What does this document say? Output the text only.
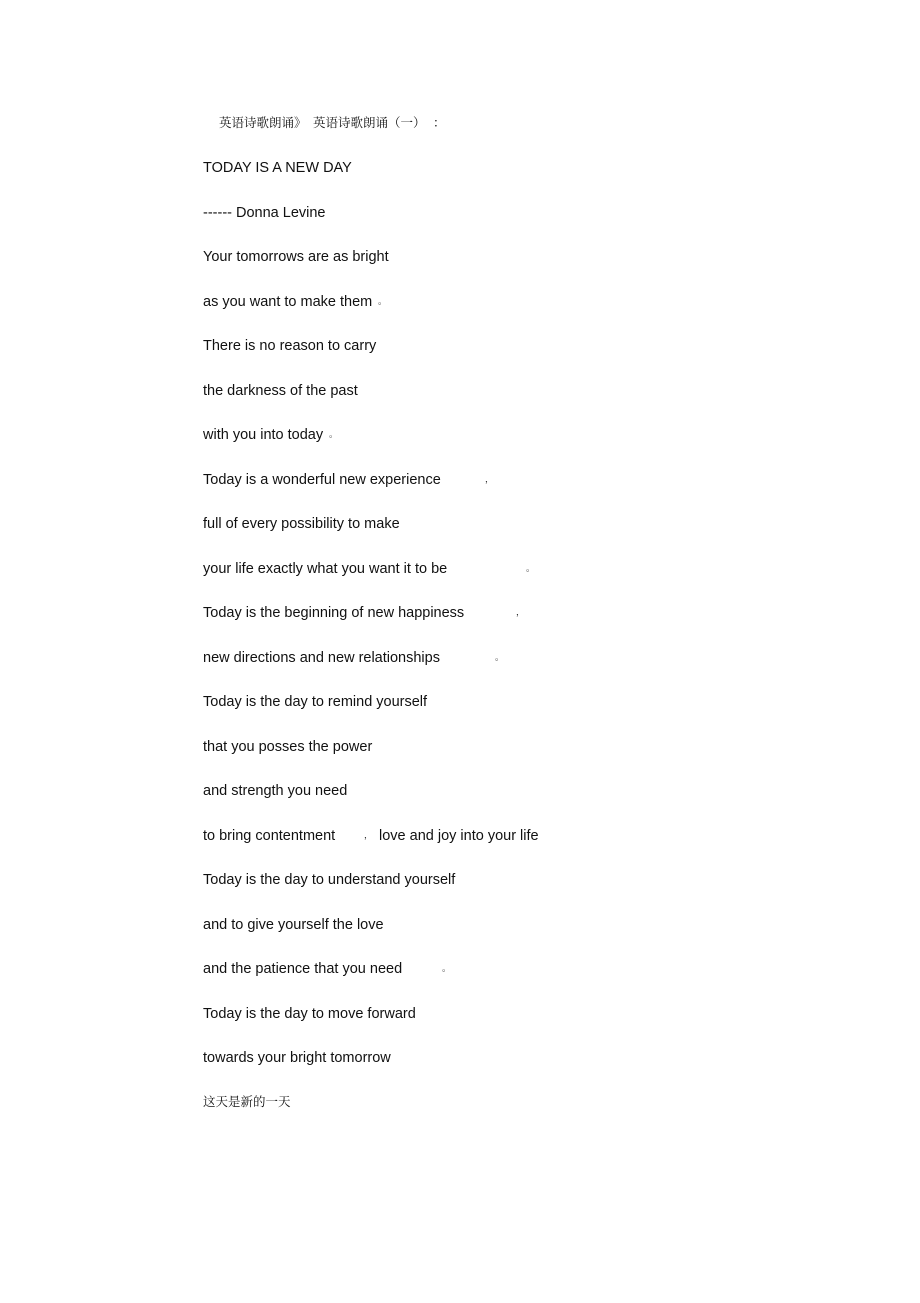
英语诗歌朗诵》 英语诗歌朗诵（一） ：
TODAY IS A NEW DAY
------ Donna Levine
Your tomorrows are as bright
as you want to make them 。
There is no reason to carry
the darkness of the past
with you into today 。
Today is a wonderful new experience	，
full of every possibility to make
your life exactly what you want it to be	。
Today is the beginning of new happiness	，
new directions and new relationships	。
Today is the day to remind yourself
that you posses the power
and strength you need
to bring contentment	， love and joy into your life
Today is the day to understand yourself
and to give yourself the love
and the patience that you need	。
Today is the day to move forward
towards your bright tomorrow
这天是新的一天
